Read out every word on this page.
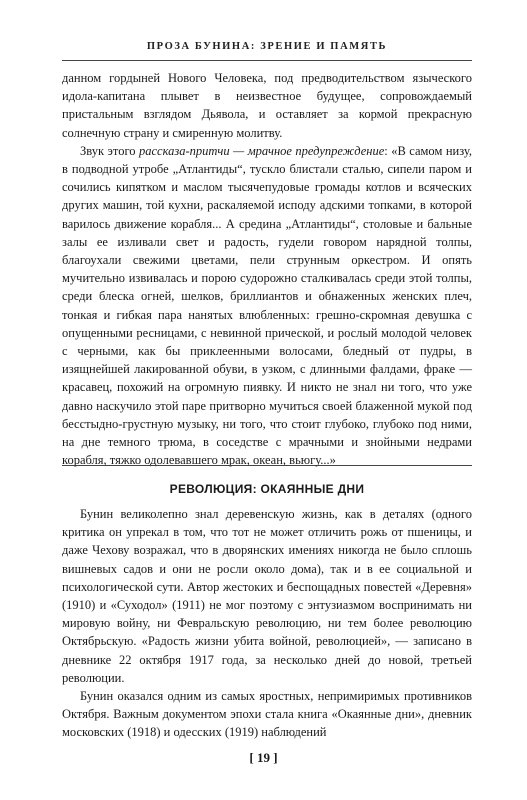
ПРОЗА БУНИНА: ЗРЕНИЕ И ПАМЯТЬ

данном гордыней Нового Человека, под предводительством языческого идола-капитана плывет в неизвестное будущее, сопровождаемый пристальным взглядом Дьявола, и оставляет за кормой прекрасную солнечную страну и смиренную молитву.

Звук этого рассказа-притчи — мрачное предупреждение: «В самом низу, в подводной утробе „Атлантиды“, тускло блистали сталью, сипели паром и сочились кипятком и маслом тысячепудовые громады котлов и всяческих других машин, той кухни, раскаляемой исподу адскими топками, в которой варилось движение корабля... А средина „Атлантиды“, столовые и бальные залы ее изливали свет и радость, гудели говором нарядной толпы, благоухали свежими цветами, пели струнным оркестром. И опять мучительно извивалась и порою судорожно сталкивалась среди этой толпы, среди блеска огней, шелков, бриллиантов и обнаженных женских плеч, тонкая и гибкая пара нанятых влюбленных: грешно-скромная девушка с опущенными ресницами, с невинной прической, и рослый молодой человек с черными, как бы приклеенными волосами, бледный от пудры, в изящнейшей лакированной обуви, в узком, с длинными фалдами, фраке — красавец, похожий на огромную пиявку. И никто не знал ни того, что уже давно наскучило этой паре притворно мучиться своей блаженной мукой под бесстыдно-грустную музыку, ни того, что стоит глубоко, глубоко под ними, на дне темного трюма, в соседстве с мрачными и знойными недрами корабля, тяжко одолевавшего мрак, океан, вьюгу...»

РЕВОЛЮЦИЯ: ОКАЯННЫЕ ДНИ

Бунин великолепно знал деревенскую жизнь, как в деталях (одного критика он упрекал в том, что тот не может отличить рожь от пшеницы, и даже Чехову возражал, что в дворянских имениях никогда не было сплошь вишневых садов и они не росли около дома), так и в ее социальной и психологической сути. Автор жестоких и беспощадных повестей «Деревня» (1910) и «Суходол» (1911) не мог поэтому с энтузиазмом воспринимать ни мировую войну, ни Февральскую революцию, ни тем более революцию Октябрьскую. «Радость жизни убита войной, революцией», — записано в дневнике 22 октября 1917 года, за несколько дней до новой, третьей революции.

Бунин оказался одним из самых яростных, непримиримых противников Октября. Важным документом эпохи стала книга «Окаянные дни», дневник московских (1918) и одесских (1919) наблюдений

[ 19 ]
